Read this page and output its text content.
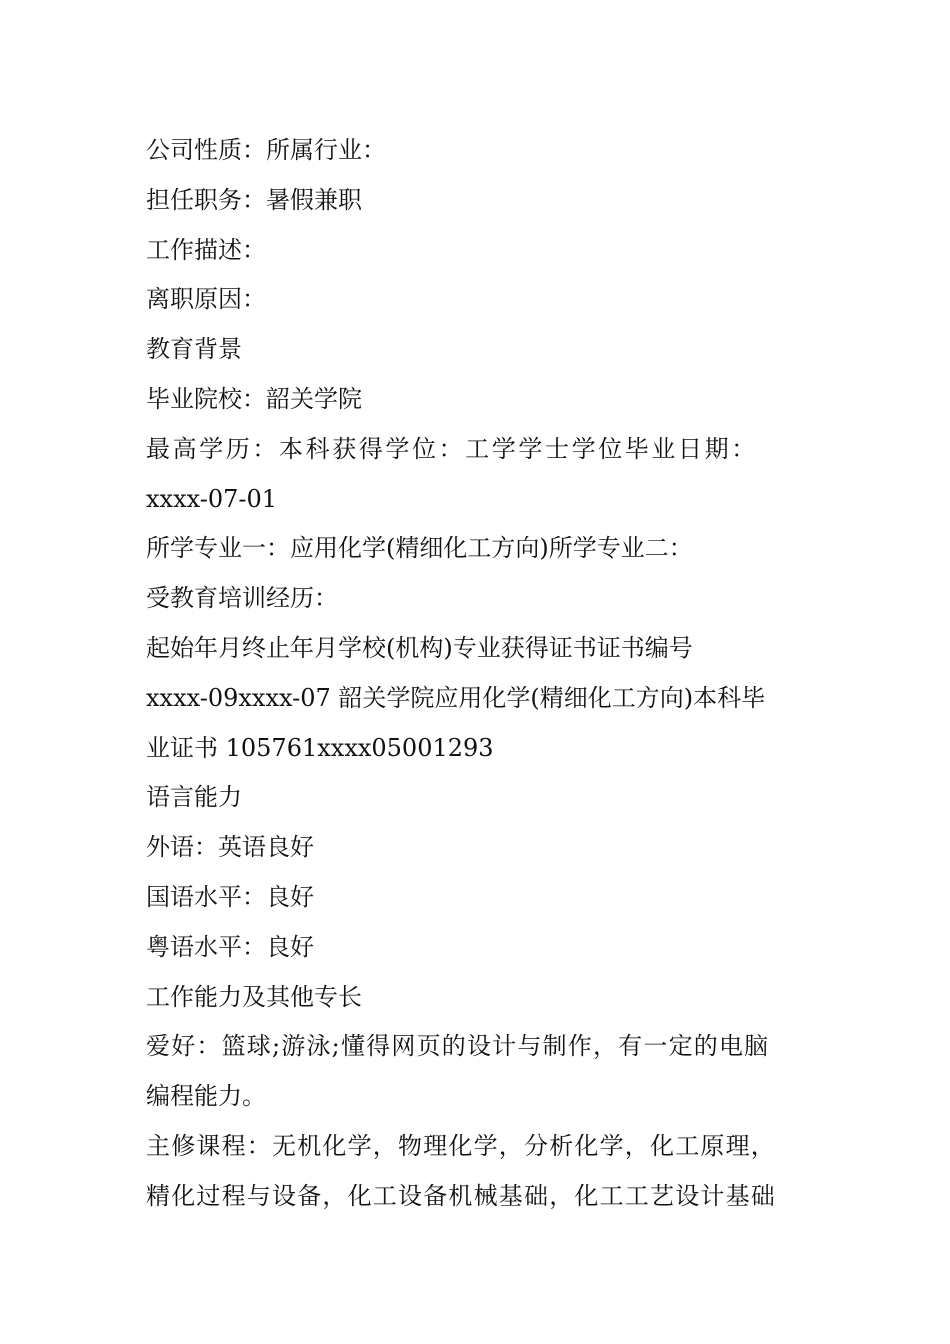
公司性质：所属行业：
担任职务：暑假兼职
工作描述：
离职原因：
教育背景
毕业院校：韶关学院
最高学历：本科获得学位：工学学士学位毕业日期：
xxxx-07-01
所学专业一：应用化学(精细化工方向)所学专业二：
受教育培训经历：
起始年月终止年月学校(机构)专业获得证书证书编号
xxxx-09xxxx-07 韶关学院应用化学(精细化工方向)本科毕
业证书 105761xxxx05001293
语言能力
外语：英语良好
国语水平：良好
粤语水平：良好
工作能力及其他专长
爱好：篮球;游泳;懂得网页的设计与制作，有一定的电脑
编程能力。
主修课程：无机化学，物理化学，分析化学，化工原理，
精化过程与设备，化工设备机械基础，化工工艺设计基础
